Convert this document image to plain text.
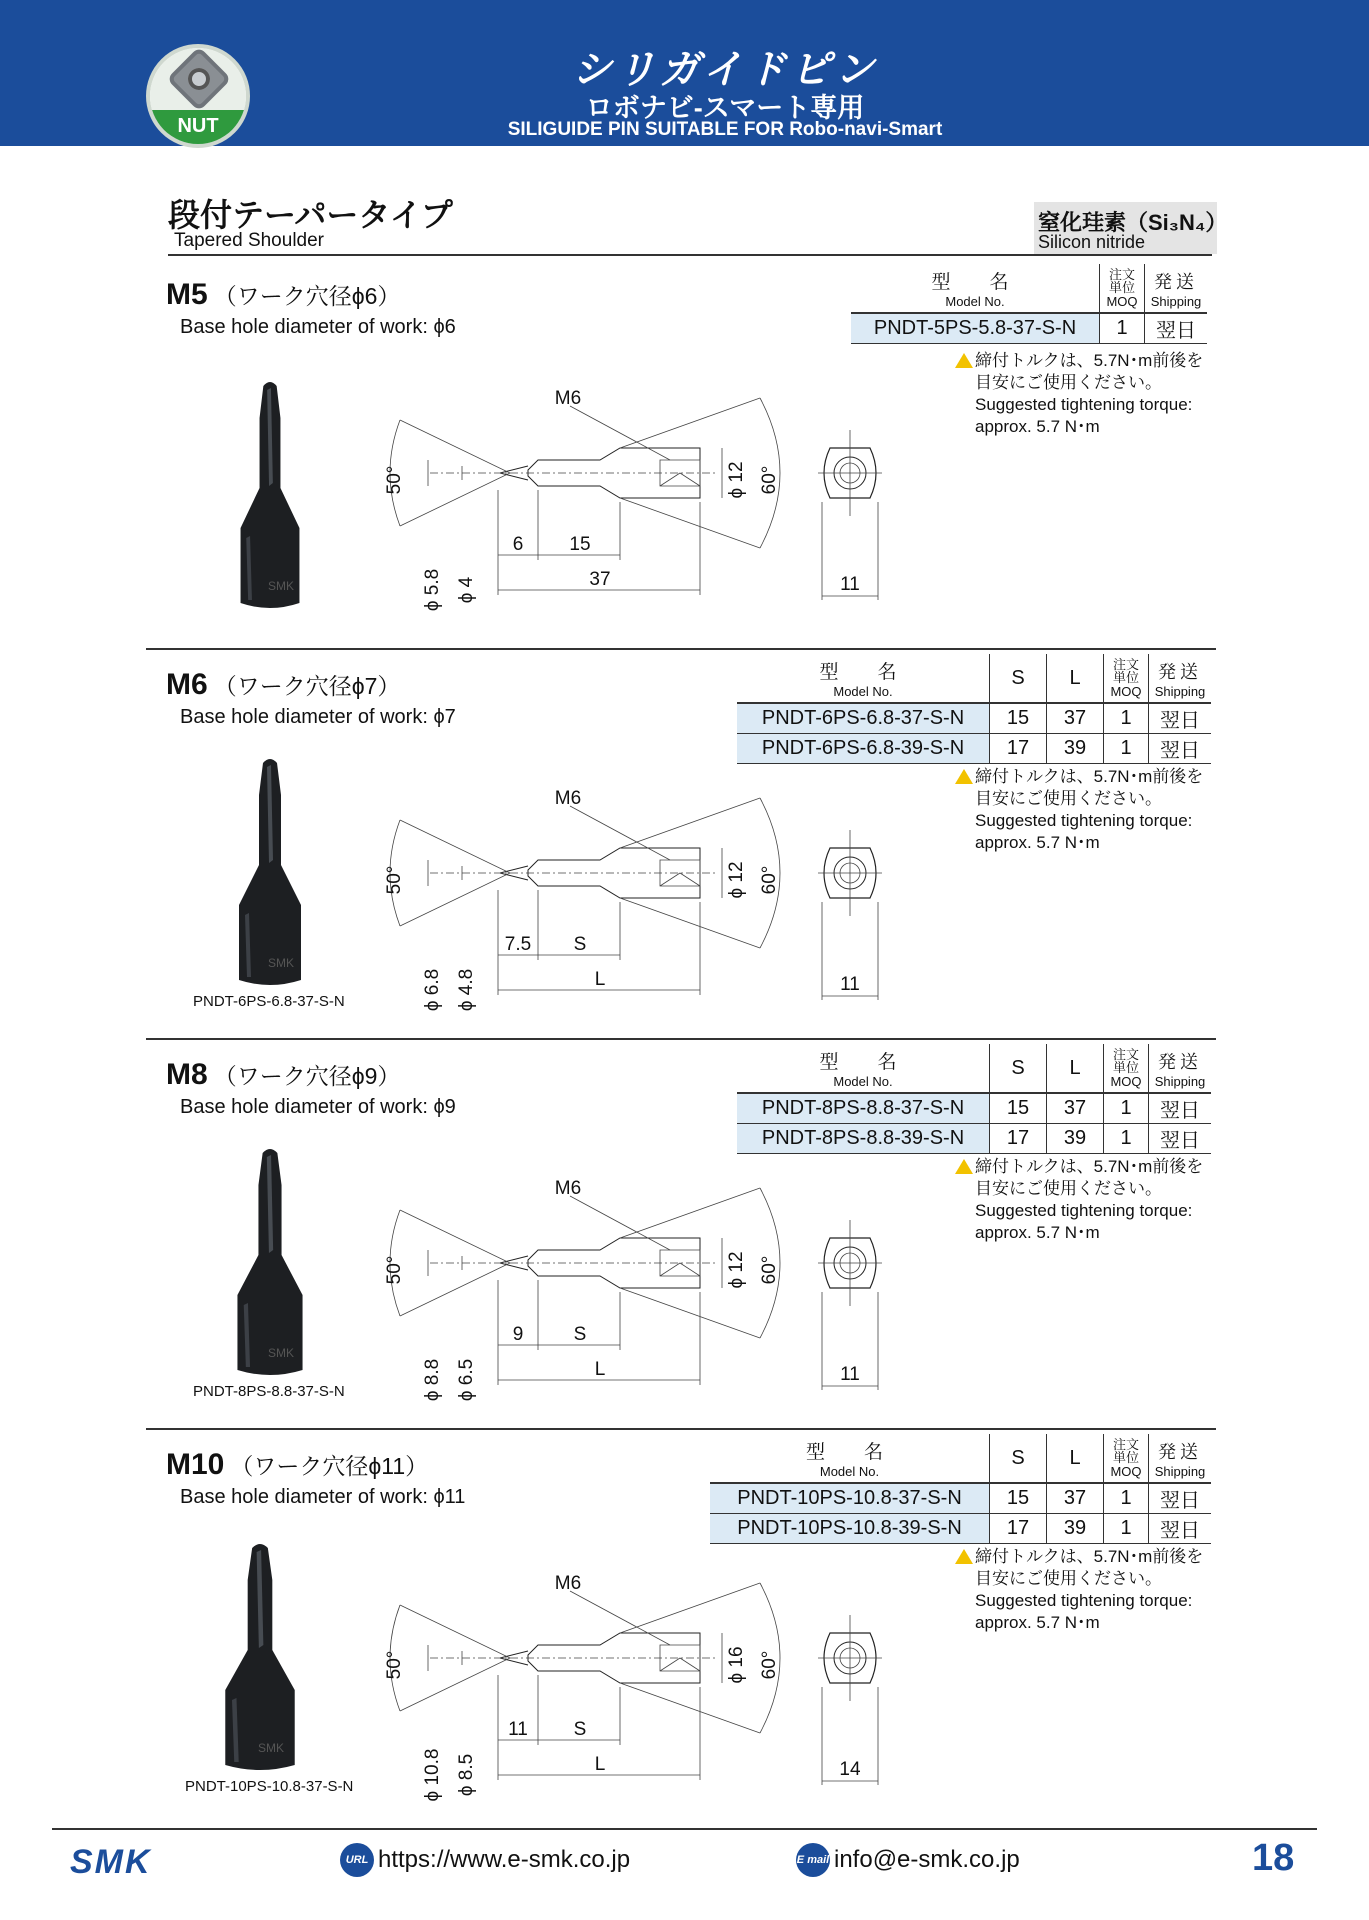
NUT
シリガイドピン
ロボナビ-スマート専用
SILIGUIDE PIN SUITABLE FOR Robo-navi-Smart
段付テーパータイプ
Tapered Shoulder
窒化珪素（Si₃N₄）
Silicon nitride
M5 （ワーク穴径ϕ6）
Base hole diameter of work: ϕ6
型　名
Model No.	注文
単位
MOQ	発送
Shipping

PNDT-5PS-5.8-37-S-N	1	翌日
締付トルクは、5.7N･m前後を
目安にご使用ください。
Suggested tightening torque:
approx. 5.7 N･m
SMK
50°	60°
ϕ 12
M6
ϕ 5.8 ϕ 4
6 15
37	11
M6 （ワーク穴径ϕ7）
Base hole diameter of work: ϕ7
型　名
Model No.	S	L	注文
単位
MOQ	発送
Shipping

PNDT-6PS-6.8-37-S-N	15	37	1	翌日
PNDT-6PS-6.8-39-S-N	17	39	1	翌日
締付トルクは、5.7N･m前後を
目安にご使用ください。
Suggested tightening torque:
approx. 5.7 N･m
SMK
PNDT-6PS-6.8-37-S-N
50°	60°
ϕ 12
M6
ϕ 6.8 ϕ 4.8
7.5 S
L	11
M8 （ワーク穴径ϕ9）
Base hole diameter of work: ϕ9
型　名
Model No.	S	L	注文
単位
MOQ	発送
Shipping

PNDT-8PS-8.8-37-S-N	15	37	1	翌日
PNDT-8PS-8.8-39-S-N	17	39	1	翌日
締付トルクは、5.7N･m前後を
目安にご使用ください。
Suggested tightening torque:
approx. 5.7 N･m
SMK
PNDT-8PS-8.8-37-S-N
50°	60°
ϕ 12
M6
ϕ 8.8 ϕ 6.5
9	S
L	11
M10 （ワーク穴径ϕ11）
Base hole diameter of work: ϕ11
型　名
Model No.	S	L	注文
単位
MOQ	発送
Shipping

PNDT-10PS-10.8-37-S-N	15	37	1	翌日
PNDT-10PS-10.8-39-S-N	17	39	1	翌日
締付トルクは、5.7N･m前後を
目安にご使用ください。
Suggested tightening torque:
approx. 5.7 N･m
SMK
PNDT-10PS-10.8-37-S-N
50°	60°
ϕ 16
M6
ϕ 10.8 ϕ 8.5
11 S
L	14
SMK	URL https://www.e-smk.co.jp	E mail info@e-smk.co.jp	18
